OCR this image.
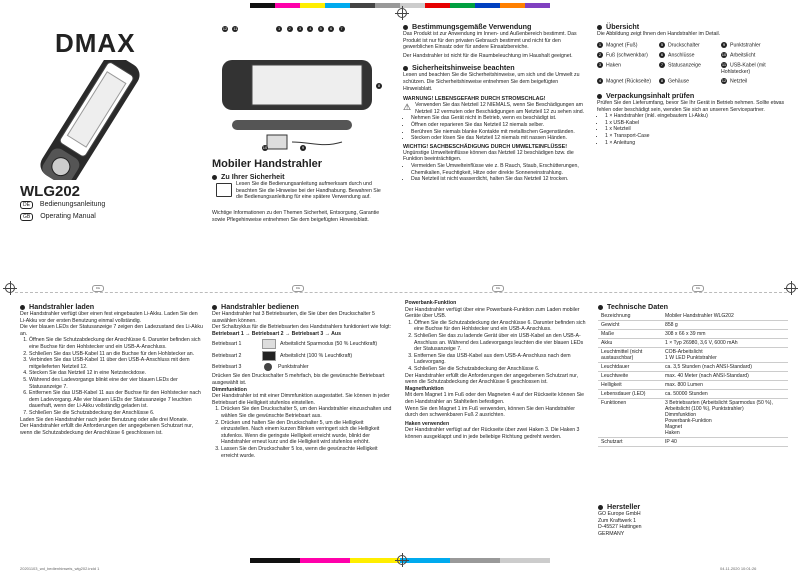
DE	DE	DE	DE
DMAX
WLG202
DE Bedienungsanleitung
GB Operating Manual
12 11	1 2 3 4 5 6 7
8
9
10
Mobiler Handstrahler
Zu Ihrer Sicherheit
Lesen Sie die Bedienungsanleitung aufmerksam durch und beachten Sie die Hinweise bei der Handhabung. Bewahren Sie die Bedienungsanleitung für eine spätere Verwendung auf.
Wichtige Informationen zu den Themen Sicherheit, Entsorgung, Garantie sowie Pflegehinweise entnehmen Sie dem beigefügten Hinweisblatt.
Bestimmungsgemäße Verwendung
Das Produkt ist zur Anwendung im Innen- und Außenbereich bestimmt. Das Produkt ist nur für den privaten Gebrauch bestimmt und nicht für den gewerblichen Einsatz oder für andere Einsatzbereiche.
Der Handstrahler ist nicht für die Raumbeleuchtung im Haushalt geeignet.
Sicherheitshinweise beachten
Lesen und beachten Sie die Sicherheitshinweise, um sich und die Umwelt zu schützen. Die Sicherheitshinweise entnehmen Sie dem beigefügten Hinweisblatt.
WARNUNG! LEBENSGEFAHR DURCH STROMSCHLAG!
⚠ Verwenden Sie das Netzteil 12 NIEMALS, wenn Sie Beschädigungen am Netzteil 12 vermuten oder Beschädigungen am Netzteil 12 zu sehen sind.
• Nehmen Sie das Gerät nicht in Betrieb, wenn es beschädigt ist.
• Öffnen oder reparieren Sie das Netzteil 12 niemals selber.
• Berühren Sie niemals blanke Kontakte mit metallischen Gegenständen.
• Stecken oder lösen Sie das Netzteil 12 niemals mit nassen Händen.
WICHTIG! SACHBESCHÄDIGUNG DURCH UMWELTEINFLÜSSE!
Ungünstige Umwelteinflüsse können das Netzteil 12 beschädigen bzw. die Funktion beeinträchtigen.
• Vermeiden Sie Umwelteinflüsse wie z. B Rauch, Staub, Erschütterungen, Chemikalien, Feuchtigkeit, Hitze oder direkte Sonneneinstrahlung.
• Das Netzteil ist nicht wasserdicht, halten Sie das Netzteil 12 trocken.
Übersicht
Die Abbildung zeigt Ihnen den Handstrahler im Detail.
1 Magnet (Fuß)	5 Druckschalter	9 Punktstrahler
2 Fuß (schwenkbar)	6 Anschlüsse	10 Arbeitslicht
3 Haken	7 Statusanzeige	11 USB-Kabel (mit Hohlstecker)
4 Magnet (Rückseite)	8 Gehäuse	12 Netzteil
Verpackungsinhalt prüfen
Prüfen Sie den Lieferumfang, bevor Sie Ihr Gerät in Betrieb nehmen. Sollte etwas fehlen oder beschädigt sein, wenden Sie sich an unseren Servicepartner.
• 1 × Handstrahler (inkl. eingebautem Li-Akku)
• 1 x USB-Kabel
• 1 x Netzteil
• 1 × Transport-Case
• 1 × Anleitung
Handstrahler laden
Der Handstrahler verfügt über einen fest eingebauten Li-Akku. Laden Sie den Li-Akku vor der ersten Benutzung einmal vollständig.
Die vier blauen LEDs der Statusanzeige 7 zeigen den Ladezustand des Li-Akku an.
1. Öffnen Sie die Schutzabdeckung der Anschlüsse 6. Darunter befinden sich eine Buchse für den Hohlstecker und ein USB-A-Anschluss.
2. Schließen Sie das USB-Kabel 11 an die Buchse für den Hohlstecker an.
3. Verbinden Sie das USB-Kabel 11 über den USB-A-Anschluss mit dem mitgelieferten Netzteil 12.
4. Stecken Sie das Netzteil 12 in eine Netzsteckdose.
5. Während des Ladevorgangs blinkt eine der vier blauen LEDs der Statusanzeige 7.
6. Entfernen Sie das USB-Kabel 11 aus der Buchse für den Hohlstecker nach dem Ladevorgang. Alle vier blauen LEDs der Statusanzeige 7 leuchten dauerhaft, wenn der Li-Akku vollständig geladen ist.
7. Schließen Sie die Schutzabdeckung der Anschlüsse 6.
Laden Sie den Handstrahler nach jeder Benutzung oder alle drei Monate.
Der Handstrahler erfüllt die Anforderungen der angegebenen Schutzart nur, wenn die Schutzabdeckung der Anschlüsse 6 geschlossen ist.
Handstrahler bedienen
Der Handstrahler hat 3 Betriebsarten, die Sie über den Druckschalter 5 auswählen können.
Der Schaltzyklus für die Betriebsarten des Handstrahlers funktioniert wie folgt:
Betriebsart 1 → Betriebsart 2 → Betriebsart 3 → Aus
Betriebsart 1	Arbeitslicht Sparmodus (50 % Leuchtkraft)
Betriebsart 2	Arbeitslicht (100 % Leuchtkraft)
Betriebsart 3	Punktstrahler
Drücken Sie den Druckschalter 5 mehrfach, bis die gewünschte Betriebsart ausgewählt ist.
Dimmfunktion
Der Handstrahler ist mit einer Dimmfunktion ausgestattet. Sie können in jeder Betriebsart die Helligkeit stufenlos einstellen.
1. Drücken Sie den Druckschalter 5, um den Handstrahler einzuschalten und wählen Sie die gewünschte Betriebsart aus.
2. Drücken und halten Sie den Druckschalter 5, um die Helligkeit einzustellen. Nach einem kurzen Blinken verringert sich die Helligkeit stufenlos. Wenn die geringste Helligkeit erreicht wurde, blinkt der Handstrahler erneut kurz und die Helligkeit wird stufenlos erhöht.
3. Lassen Sie den Druckschalter 5 los, wenn die gewünschte Helligkeit erreicht wurde.
Powerbank-Funktion
Der Handstrahler verfügt über eine Powerbank-Funktion zum Laden mobiler Geräte über USB.
1. Öffnen Sie die Schutzabdeckung der Anschlüsse 6. Darunter befinden sich eine Buchse für den Hohlstecker und ein USB-A-Anschluss.
2. Schließen Sie das zu ladende Gerät über ein USB-Kabel an den USB-A-Anschluss an. Während des Ladevorgangs leuchten die vier blauen LEDs der Statusanzeige 7.
3. Entfernen Sie das USB-Kabel aus dem USB-A-Anschluss nach dem Ladevorgang.
4. Schließen Sie die Schutzabdeckung der Anschlüsse 6.
Der Handstrahler erfüllt die Anforderungen der angegebenen Schutzart nur, wenn die Schutzabdeckung der Anschlüsse 6 geschlossen ist.
Magnetfunktion
Mit dem Magnet 1 im Fuß oder den Magneten 4 auf der Rückseite können Sie den Handstrahler an Stahlteilen befestigen.
Wenn Sie den Magnet 1 im Fuß verwenden, können Sie den Handstrahler durch den schwenkbaren Fuß 2 ausrichten.
Haken verwenden
Der Handstrahler verfügt auf der Rückseite über zwei Haken 3. Die Haken 3 können ausgeklappt und in jede beliebige Richtung gedreht werden.
Technische Daten
Bezeichnung	Mobiler Handstrahler WLG202
Gewicht	858 g
Maße	308 x 66 x 39 mm
Akku	1 × Typ 26980, 3,6 V, 6000 mAh
Leuchtmittel (nicht austauschbar)	COB-Arbeitslicht
1 W LED Punktstrahler
Leuchtdauer	ca. 3,5 Stunden (nach ANSI-Standard)
Leuchtweite	max. 40 Meter (nach ANSI-Standard)
Helligkeit	max. 800 Lumen
Lebensdauer (LED)	ca. 50000 Stunden
Funktionen	3 Betriebsarten (Arbeitslicht Sparmodus (50 %), Arbeitslicht (100 %), Punktstrahler)
Dimmfunktion
Powerbank-Funktion
Magnet
Haken
Schutzart	IP 40
Hersteller
GO Europe GmbH
Zum Kraftwerk 1
D-45527 Hattingen
GERMANY
20201103_wd_bedienhinweis_wlg202.indd 1	04.11.2020 10:01:26
